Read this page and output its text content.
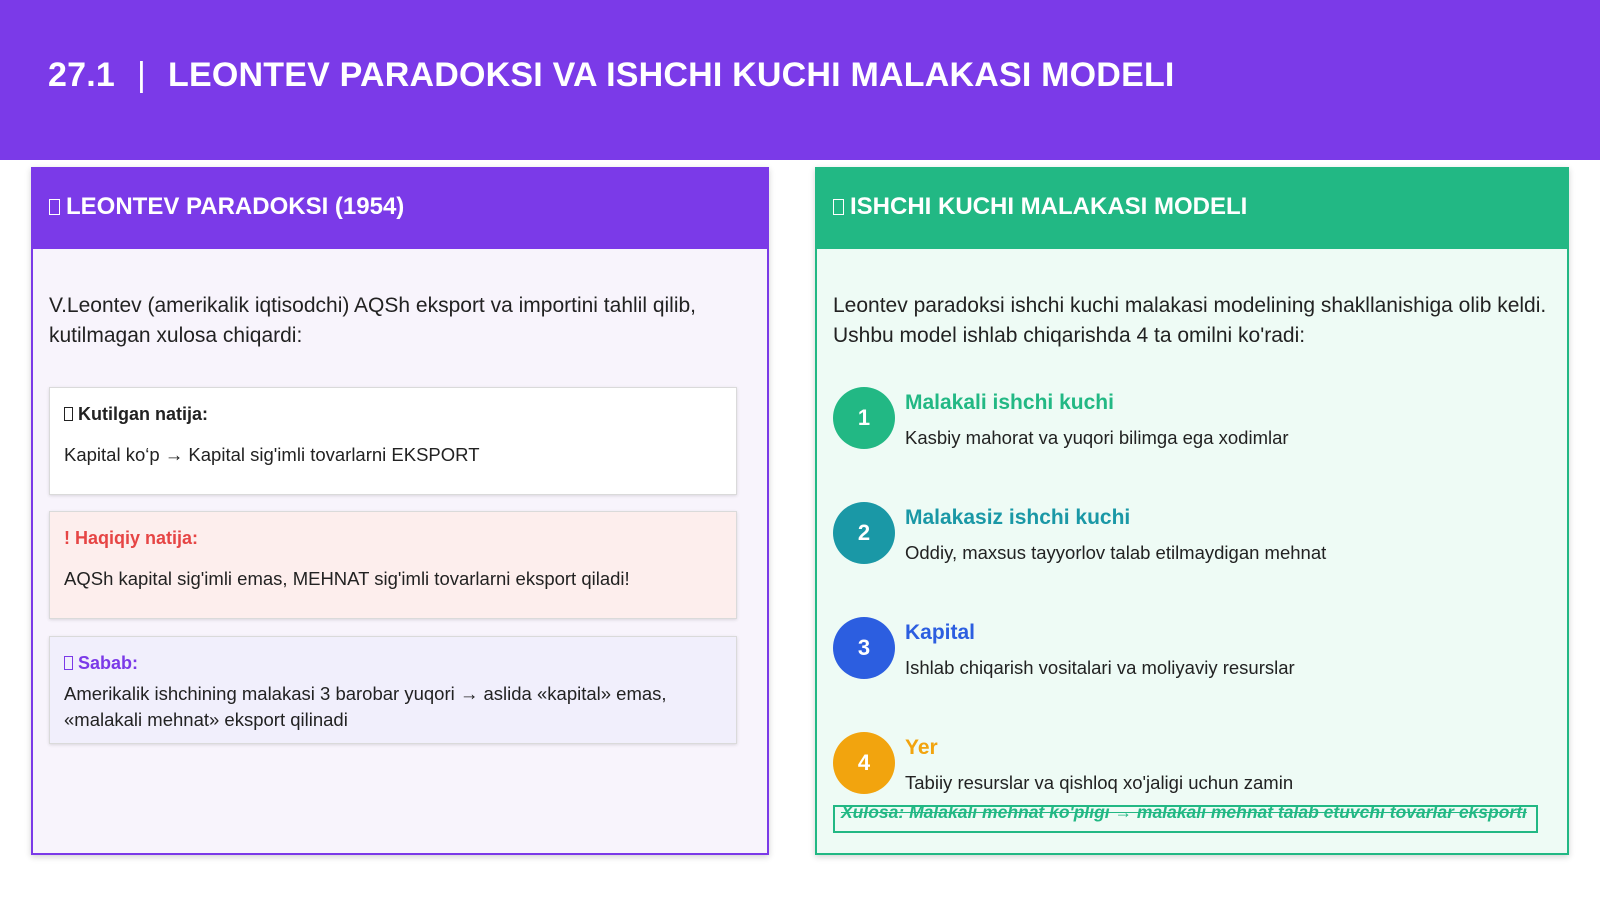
27.1 | LEONTEV PARADOKSI VA ISHCHI KUCHI MALAKASI MODELI
LEONTEV PARADOKSI (1954)
V.Leontev (amerikalik iqtisodchi) AQSh eksport va importini tahlil qilib, kutilmagan xulosa chiqardi:
Kutilgan natija:
Kapital ko‘p → Kapital sig'imli tovarlarni EKSPORT
! Haqiqiy natija:
AQSh kapital sig'imli emas, MEHNAT sig'imli tovarlarni eksport qiladi!
Sabab:
Amerikalik ishchining malakasi 3 barobar yuqori → aslida «kapital» emas, «malakali mehnat» eksport qilinadi
ISHCHI KUCHI MALAKASI MODELI
Leontev paradoksi ishchi kuchi malakasi modelining shakllanishiga olib keldi. Ushbu model ishlab chiqarishda 4 ta omilni ko'radi:
1
Malakali ishchi kuchi
Kasbiy mahorat va yuqori bilimga ega xodimlar
2
Malakasiz ishchi kuchi
Oddiy, maxsus tayyorlov talab etilmaydigan mehnat
3
Kapital
Ishlab chiqarish vositalari va moliyaviy resurslar
4
Yer
Tabiiy resurslar va qishloq xo'jaligi uchun zamin
Xulosa: Malakali mehnat ko'pligi → malakali mehnat talab etuvchi tovarlar eksporti
